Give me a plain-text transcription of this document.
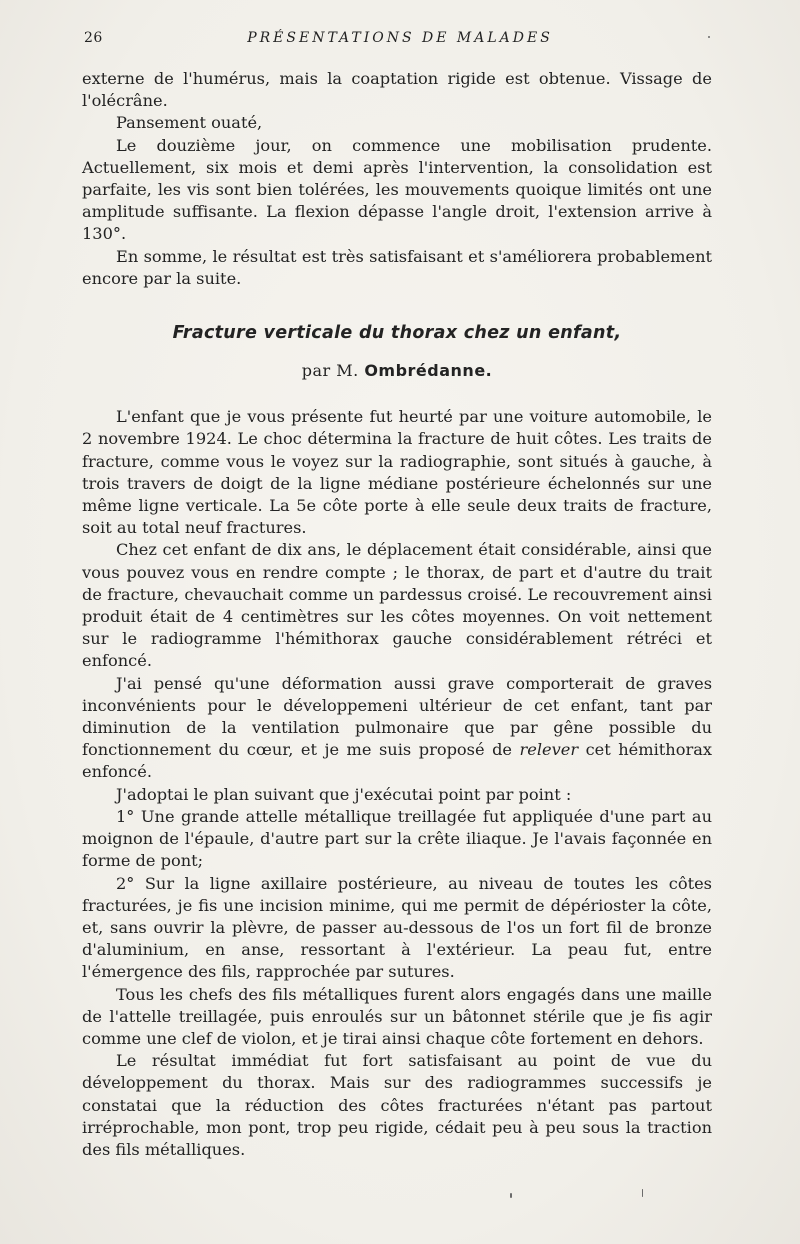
26	PRÉSENTATIONS DE MALADES

externe de l'humérus, mais la coaptation rigide est obtenue. Vissage de l'olécrâne.

Pansement ouaté,

Le douzième jour, on commence une mobilisation prudente. Actuellement, six mois et demi après l'intervention, la consolidation est parfaite, les vis sont bien tolérées, les mouvements quoique limités ont une amplitude suffisante. La flexion dépasse l'angle droit, l'extension arrive à 130°.

En somme, le résultat est très satisfaisant et s'améliorera probablement encore par la suite.

Fracture verticale du thorax chez un enfant,
par M. Ombrédanne.

L'enfant que je vous présente fut heurté par une voiture automobile, le 2 novembre 1924. Le choc détermina la fracture de huit côtes. Les traits de fracture, comme vous le voyez sur la radiographie, sont situés à gauche, à trois travers de doigt de la ligne médiane postérieure échelonnés sur une même ligne verticale. La 5e côte porte à elle seule deux traits de fracture, soit au total neuf fractures.

Chez cet enfant de dix ans, le déplacement était considérable, ainsi que vous pouvez vous en rendre compte ; le thorax, de part et d'autre du trait de fracture, chevauchait comme un pardessus croisé. Le recouvrement ainsi produit était de 4 centimètres sur les côtes moyennes. On voit nettement sur le radiogramme l'hémithorax gauche considérablement rétréci et enfoncé.

J'ai pensé qu'une déformation aussi grave comporterait de graves inconvénients pour le développemeni ultérieur de cet enfant, tant par diminution de la ventilation pulmonaire que par gêne possible du fonctionnement du cœur, et je me suis proposé de relever cet hémithorax enfoncé.

J'adoptai le plan suivant que j'exécutai point par point :

1° Une grande attelle métallique treillagée fut appliquée d'une part au moignon de l'épaule, d'autre part sur la crête iliaque. Je l'avais façonnée en forme de pont;

2° Sur la ligne axillaire postérieure, au niveau de toutes les côtes fracturées, je fis une incision minime, qui me permit de dépérioster la côte, et, sans ouvrir la plèvre, de passer au-dessous de l'os un fort fil de bronze d'aluminium, en anse, ressortant à l'extérieur. La peau fut, entre l'émergence des fils, rapprochée par sutures.

Tous les chefs des fils métalliques furent alors engagés dans une maille de l'attelle treillagée, puis enroulés sur un bâtonnet stérile que je fis agir comme une clef de violon, et je tirai ainsi chaque côte fortement en dehors.

Le résultat immédiat fut fort satisfaisant au point de vue du développement du thorax. Mais sur des radiogrammes successifs je constatai que la réduction des côtes fracturées n'étant pas partout irréprochable, mon pont, trop peu rigide, cédait peu à peu sous la traction des fils métalliques.
